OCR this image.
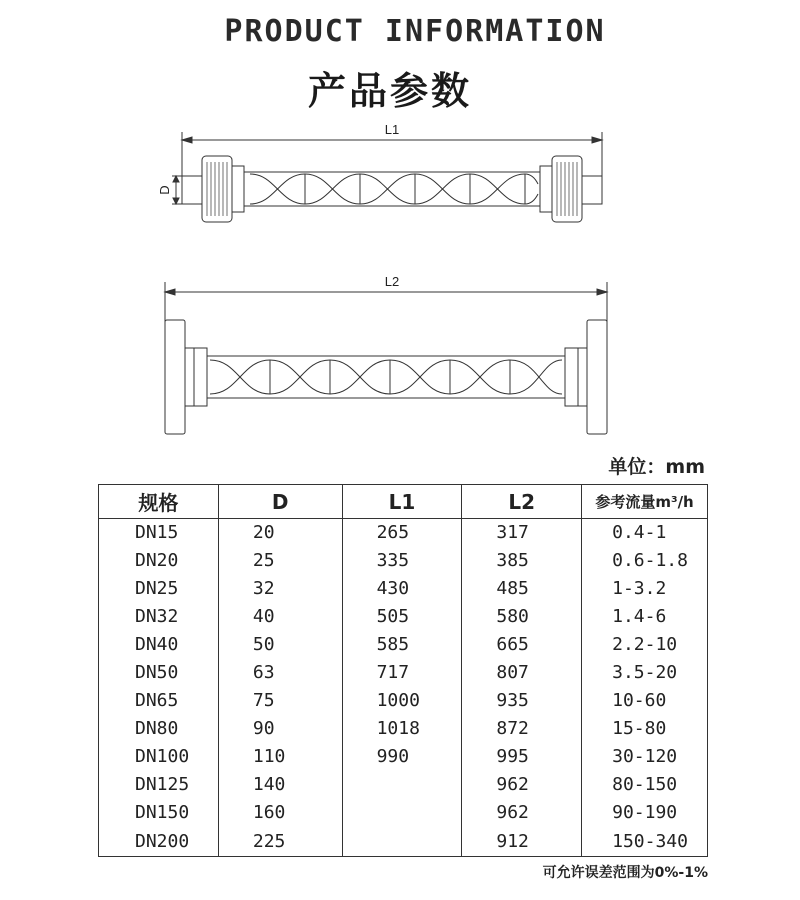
PRODUCT INFORMATION
产品参数
L1
D
L2
单位：mm
规格	D	L1	L2	参考流量m³/h
DN15	20	265	317	0.4-1
DN20	25	335	385	0.6-1.8
DN25	32	430	485	1-3.2
DN32	40	505	580	1.4-6
DN40	50	585	665	2.2-10
DN50	63	717	807	3.5-20
DN65	75	1000	935	10-60
DN80	90	1018	872	15-80
DN100	110	990	995	30-120
DN125	140		962	80-150
DN150	160		962	90-190
DN200	225		912	150-340
可允许误差范围为0%-1%
